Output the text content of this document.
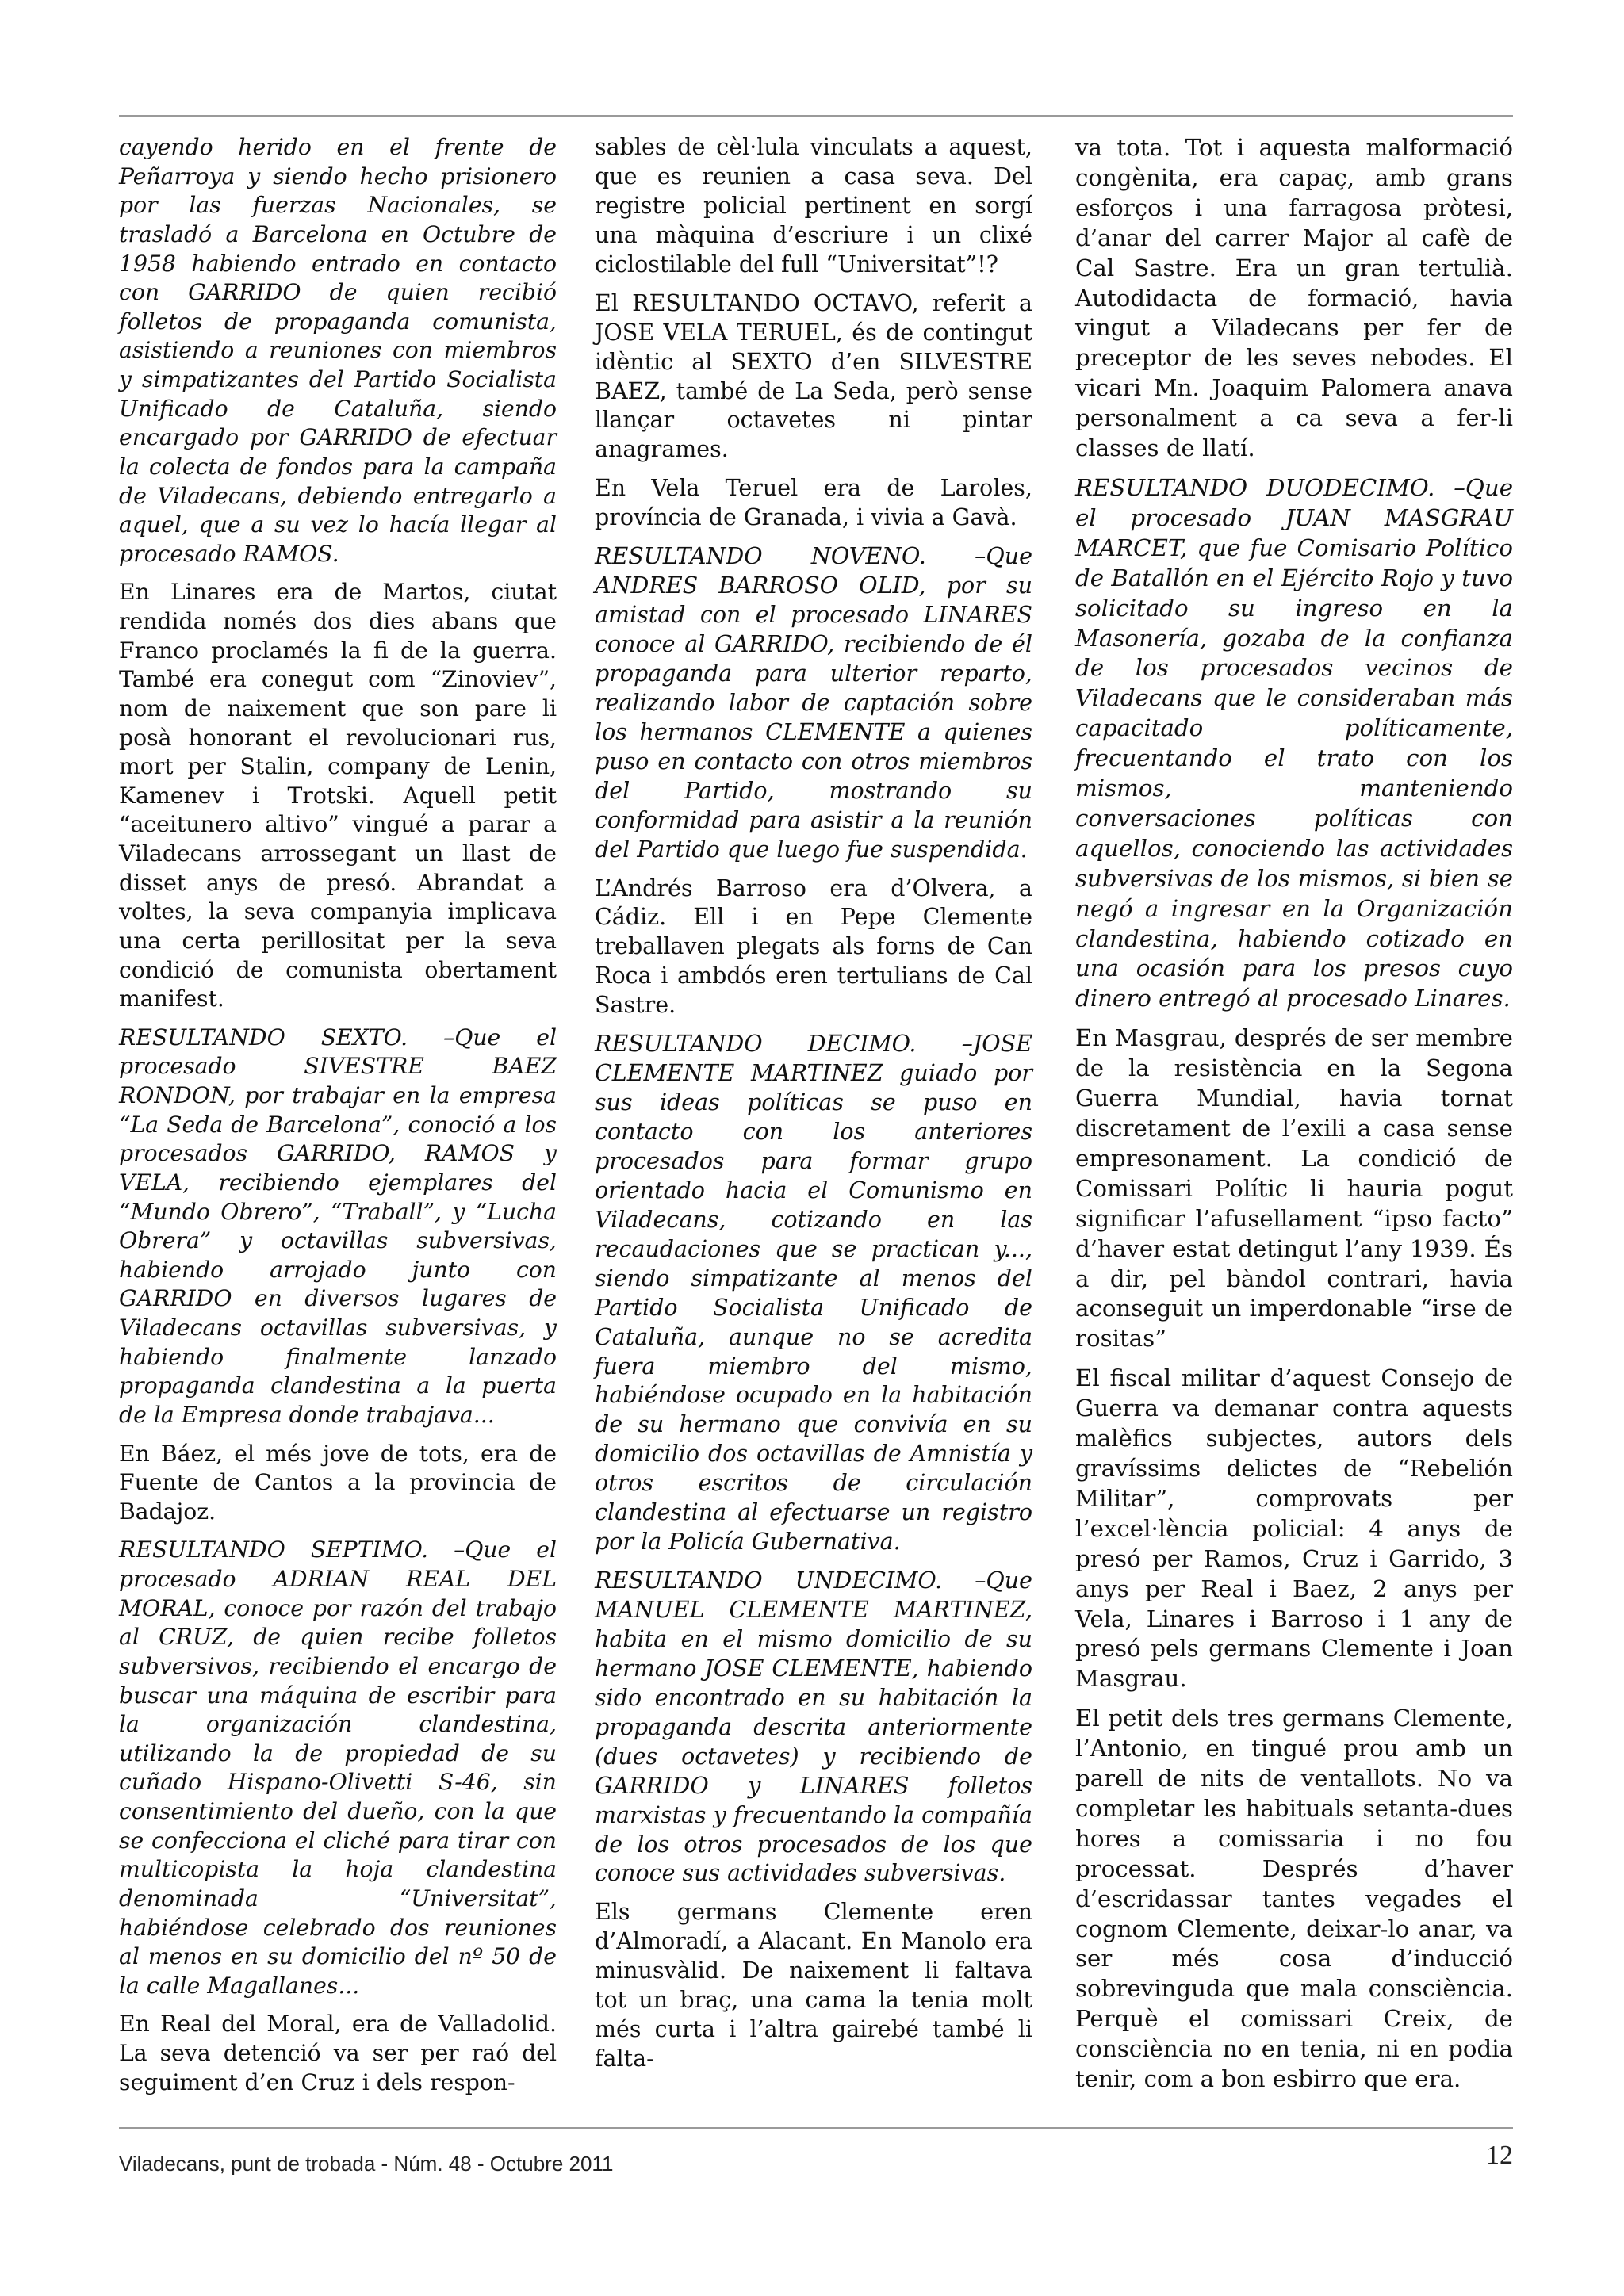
cayendo herido en el frente de Peñarroya y siendo hecho prisionero por las fuerzas Nacionales, se trasladó a Barcelona en Octubre de 1958 habiendo entrado en contacto con GARRIDO de quien recibió folletos de propaganda comunista, asistiendo a reuniones con miembros y simpatizantes del Partido Socialista Unificado de Cataluña, siendo encargado por GARRIDO de efectuar la colecta de fondos para la campaña de Viladecans, debiendo entregarlo a aquel, que a su vez lo hacía llegar al procesado RAMOS.

En Linares era de Martos, ciutat rendida només dos dies abans que Franco proclamés la fi de la guerra. També era conegut com “Zinoviev”, nom de naixement que son pare li posà honorant el revolucionari rus, mort per Stalin, company de Lenin, Kamenev i Trotski. Aquell petit “aceitunero altivo” vingué a parar a Viladecans arrossegant un llast de disset anys de presó. Abrandat a voltes, la seva companyia implicava una certa perillositat per la seva condició de comunista obertament manifest.

RESULTANDO SEXTO. –Que el procesado SIVESTRE BAEZ RONDON, por trabajar en la empresa “La Seda de Barcelona”, conoció a los procesados GARRIDO, RAMOS y VELA, recibiendo ejemplares del “Mundo Obrero”, “Traball”, y “Lucha Obrera” y octavillas subversivas, habiendo arrojado junto con GARRIDO en diversos lugares de Viladecans octavillas subversivas, y habiendo finalmente lanzado propaganda clandestina a la puerta de la Empresa donde trabajava...

En Báez, el més jove de tots, era de Fuente de Cantos a la provincia de Badajoz.

RESULTANDO SEPTIMO. –Que el procesado ADRIAN REAL DEL MORAL, conoce por razón del trabajo al CRUZ, de quien recibe folletos subversivos, recibiendo el encargo de buscar una máquina de escribir para la organización clandestina, utilizando la de propiedad de su cuñado Hispano-Olivetti S-46, sin consentimiento del dueño, con la que se confecciona el cliché para tirar con multicopista la hoja clandestina denominada “Universitat”, habiéndose celebrado dos reuniones al menos en su domicilio del nº 50 de la calle Magallanes...

En Real del Moral, era de Valladolid. La seva detenció va ser per raó del seguiment d’en Cruz i dels respon-

sables de cèl·lula vinculats a aquest, que es reunien a casa seva. Del registre policial pertinent en sorgí una màquina d’escriure i un clixé ciclostilable del full “Universitat”!?

El RESULTANDO OCTAVO, referit a JOSE VELA TERUEL, és de contingut idèntic al SEXTO d’en SILVESTRE BAEZ, també de La Seda, però sense llançar octavetes ni pintar anagrames.

En Vela Teruel era de Laroles, província de Granada, i vivia a Gavà.

RESULTANDO NOVENO. –Que ANDRES BARROSO OLID, por su amistad con el procesado LINARES conoce al GARRIDO, recibiendo de él propaganda para ulterior reparto, realizando labor de captación sobre los hermanos CLEMENTE a quienes puso en contacto con otros miembros del Partido, mostrando su conformidad para asistir a la reunión del Partido que luego fue suspendida.

L’Andrés Barroso era d’Olvera, a Cádiz. Ell i en Pepe Clemente treballaven plegats als forns de Can Roca i ambdós eren tertulians de Cal Sastre.

RESULTANDO DECIMO. –JOSE CLEMENTE MARTINEZ guiado por sus ideas políticas se puso en contacto con los anteriores procesados para formar grupo orientado hacia el Comunismo en Viladecans, cotizando en las recaudaciones que se practican y..., siendo simpatizante al menos del Partido Socialista Unificado de Cataluña, aunque no se acredita fuera miembro del mismo, habiéndose ocupado en la habitación de su hermano que convivía en su domicilio dos octavillas de Amnistía y otros escritos de circulación clandestina al efectuarse un registro por la Policía Gubernativa.

RESULTANDO UNDECIMO. –Que MANUEL CLEMENTE MARTINEZ, habita en el mismo domicilio de su hermano JOSE CLEMENTE, habiendo sido encontrado en su habitación la propaganda descrita anteriormente (dues octavetes) y recibiendo de GARRIDO y LINARES folletos marxistas y frecuentando la compañía de los otros procesados de los que conoce sus actividades subversivas.

Els germans Clemente eren d’Almoradí, a Alacant. En Manolo era minusvàlid. De naixement li faltava tot un braç, una cama la tenia molt més curta i l’altra gairebé també li falta-

va tota. Tot i aquesta malformació congènita, era capaç, amb grans esforços i una farragosa pròtesi, d’anar del carrer Major al cafè de Cal Sastre. Era un gran tertulià. Autodidacta de formació, havia vingut a Viladecans per fer de preceptor de les seves nebodes. El vicari Mn. Joaquim Palomera anava personalment a ca seva a fer-li classes de llatí.

RESULTANDO DUODECIMO. –Que el procesado JUAN MASGRAU MARCET, que fue Comisario Político de Batallón en el Ejército Rojo y tuvo solicitado su ingreso en la Masonería, gozaba de la confianza de los procesados vecinos de Viladecans que le consideraban más capacitado políticamente, frecuentando el trato con los mismos, manteniendo conversaciones políticas con aquellos, conociendo las actividades subversivas de los mismos, si bien se negó a ingresar en la Organización clandestina, habiendo cotizado en una ocasión para los presos cuyo dinero entregó al procesado Linares.

En Masgrau, després de ser membre de la resistència en la Segona Guerra Mundial, havia tornat discretament de l’exili a casa sense empresonament. La condició de Comissari Polític li hauria pogut significar l’afusellament “ipso facto” d’haver estat detingut l’any 1939. És a dir, pel bàndol contrari, havia aconseguit un imperdonable “irse de rositas”

El fiscal militar d’aquest Consejo de Guerra va demanar contra aquests malèfics subjectes, autors dels gravíssims delictes de “Rebelión Militar”, comprovats per l’excel·lència policial: 4 anys de presó per Ramos, Cruz i Garrido, 3 anys per Real i Baez, 2 anys per Vela, Linares i Barroso i 1 any de presó pels germans Clemente i Joan Masgrau.

El petit dels tres germans Clemente, l’Antonio, en tingué prou amb un parell de nits de ventallots. No va completar les habituals setanta-dues hores a comissaria i no fou processat. Després d’haver d’escridassar tantes vegades el cognom Clemente, deixar-lo anar, va ser més cosa d’inducció sobrevinguda que mala consciència. Perquè el comissari Creix, de consciència no en tenia, ni en podia tenir, com a bon esbirro que era.

Viladecans, punt de trobada - Núm. 48 - Octubre 2011	12
